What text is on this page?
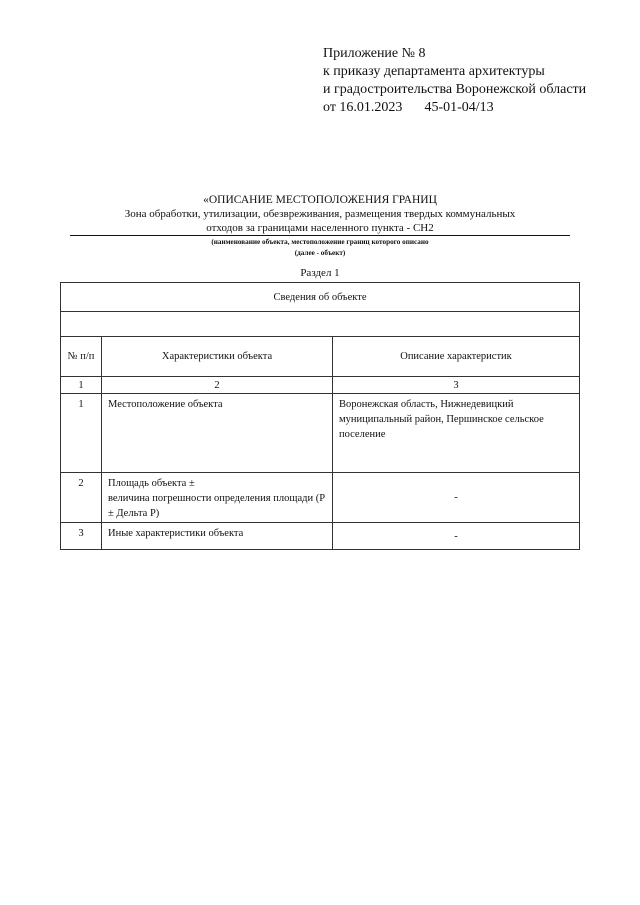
Приложение № 8
к приказу департамента архитектуры
и градостроительства Воронежской области
от 16.01.2023 45-01-04/13
«ОПИСАНИЕ МЕСТОПОЛОЖЕНИЯ ГРАНИЦ
Зона обработки, утилизации, обезвреживания, размещения твердых коммунальных
отходов за границами населенного пункта - СН2
(наименование объекта, местоположение границ которого описано
(далее - объект)
Раздел 1
Сведения об объекте		

№ п/п	Характеристики объекта	Описание характеристик
1	2	3
1	Местоположение объекта	Воронежская область, Нижнедевицкий муниципальный район, Першинское сельское поселение
2	Площадь объекта ±
величина погрешности определения площади (Р ± Дельта Р)	-
3	Иные характеристики объекта	-
